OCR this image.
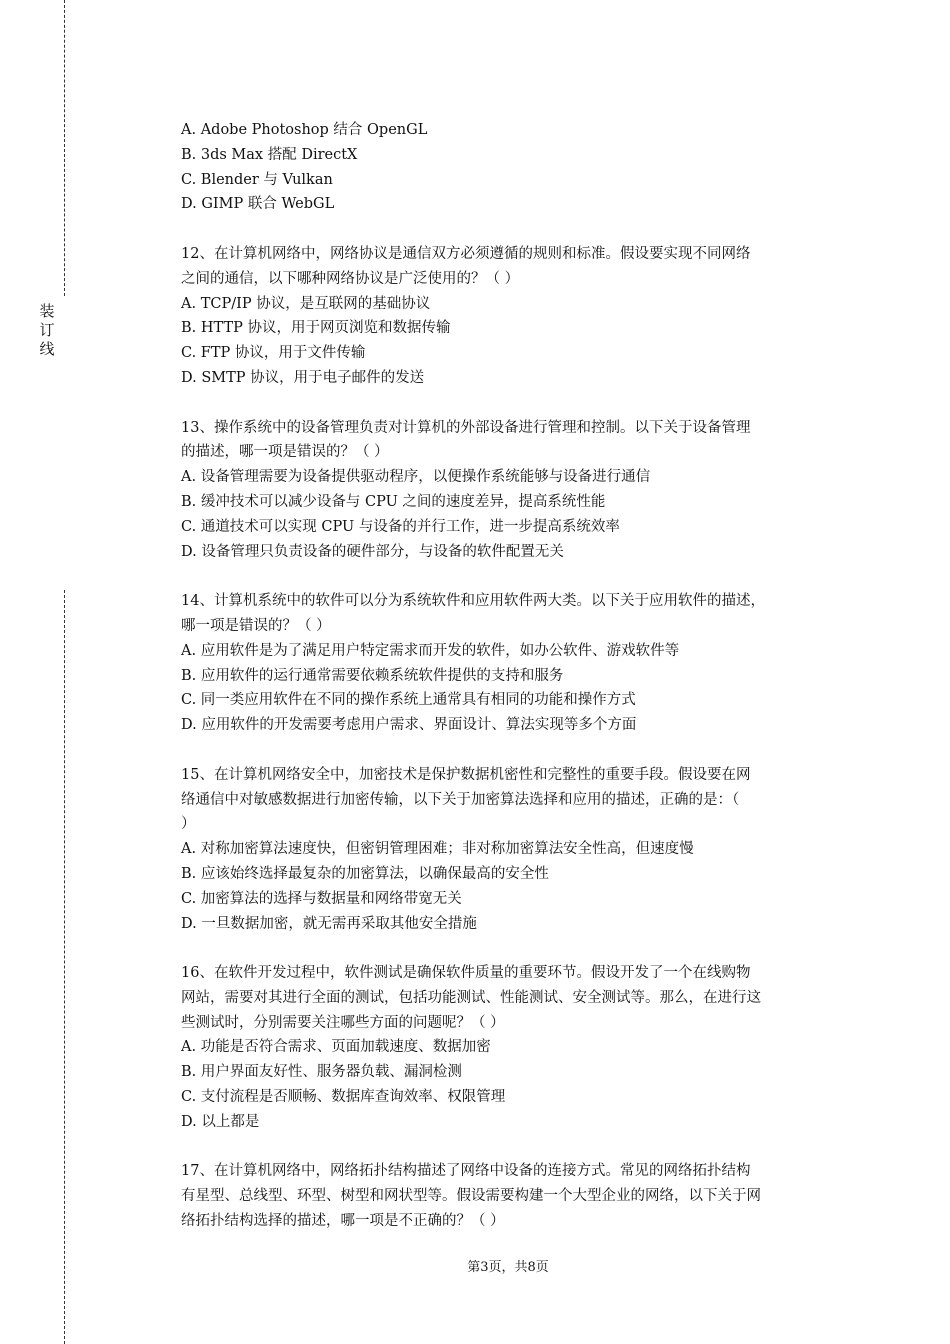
装
订
线
A. Adobe Photoshop 结合 OpenGL
B. 3ds Max 搭配 DirectX
C. Blender 与 Vulkan
D. GIMP 联合 WebGL
12、在计算机网络中，网络协议是通信双方必须遵循的规则和标准。假设要实现不同网络
之间的通信，以下哪种网络协议是广泛使用的？（ ）
A. TCP/IP 协议，是互联网的基础协议
B. HTTP 协议，用于网页浏览和数据传输
C. FTP 协议，用于文件传输
D. SMTP 协议，用于电子邮件的发送
13、操作系统中的设备管理负责对计算机的外部设备进行管理和控制。以下关于设备管理
的描述，哪一项是错误的？（ ）
A. 设备管理需要为设备提供驱动程序，以便操作系统能够与设备进行通信
B. 缓冲技术可以减少设备与 CPU 之间的速度差异，提高系统性能
C. 通道技术可以实现 CPU 与设备的并行工作，进一步提高系统效率
D. 设备管理只负责设备的硬件部分，与设备的软件配置无关
14、计算机系统中的软件可以分为系统软件和应用软件两大类。以下关于应用软件的描述，
哪一项是错误的？（ ）
A. 应用软件是为了满足用户特定需求而开发的软件，如办公软件、游戏软件等
B. 应用软件的运行通常需要依赖系统软件提供的支持和服务
C. 同一类应用软件在不同的操作系统上通常具有相同的功能和操作方式
D. 应用软件的开发需要考虑用户需求、界面设计、算法实现等多个方面
15、在计算机网络安全中，加密技术是保护数据机密性和完整性的重要手段。假设要在网
络通信中对敏感数据进行加密传输，以下关于加密算法选择和应用的描述，正确的是：（
）
A. 对称加密算法速度快，但密钥管理困难；非对称加密算法安全性高，但速度慢
B. 应该始终选择最复杂的加密算法，以确保最高的安全性
C. 加密算法的选择与数据量和网络带宽无关
D. 一旦数据加密，就无需再采取其他安全措施
16、在软件开发过程中，软件测试是确保软件质量的重要环节。假设开发了一个在线购物
网站，需要对其进行全面的测试，包括功能测试、性能测试、安全测试等。那么，在进行这
些测试时，分别需要关注哪些方面的问题呢？（ ）
A. 功能是否符合需求、页面加载速度、数据加密
B. 用户界面友好性、服务器负载、漏洞检测
C. 支付流程是否顺畅、数据库查询效率、权限管理
D. 以上都是
17、在计算机网络中，网络拓扑结构描述了网络中设备的连接方式。常见的网络拓扑结构
有星型、总线型、环型、树型和网状型等。假设需要构建一个大型企业的网络，以下关于网
络拓扑结构选择的描述，哪一项是不正确的？（ ）
第3页，共8页
